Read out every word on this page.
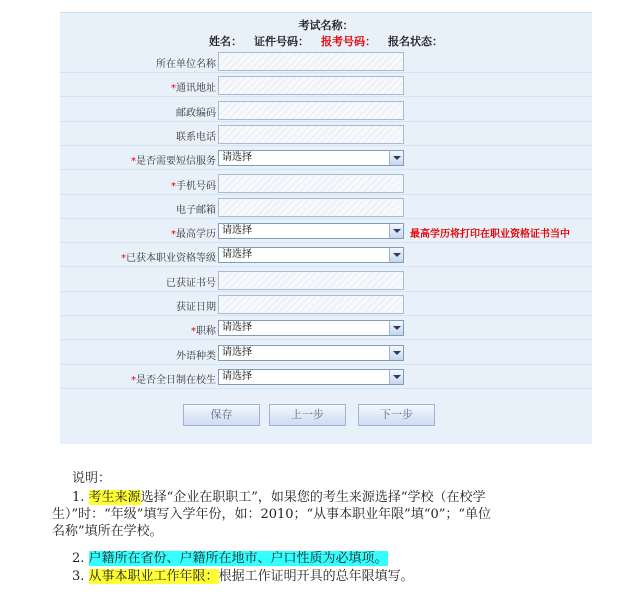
考试名称：
姓名： 证件号码： 报考号码： 报名状态：
所在单位名称
*通讯地址
邮政编码
联系电话
*是否需要短信服务 请选择
*手机号码
电子邮箱
*最高学历 请选择	最高学历将打印在职业资格证书当中
*已获本职业资格等级 请选择
已获证书号
获证日期
*职称 请选择
外语种类 请选择
*是否全日制在校生 请选择
保存	上一步	下一步
说明：
1. 考生来源选择“企业在职职工”，如果您的考生来源选择“学校（在校学
生）”时：“年级”填写入学年份，如：2010；“从事本职业年限”填“0”；“单位
名称”填所在学校。
2. 户籍所在省份、户籍所在地市、户口性质为必填项。
3. 从事本职业工作年限：根据工作证明开具的总年限填写。
